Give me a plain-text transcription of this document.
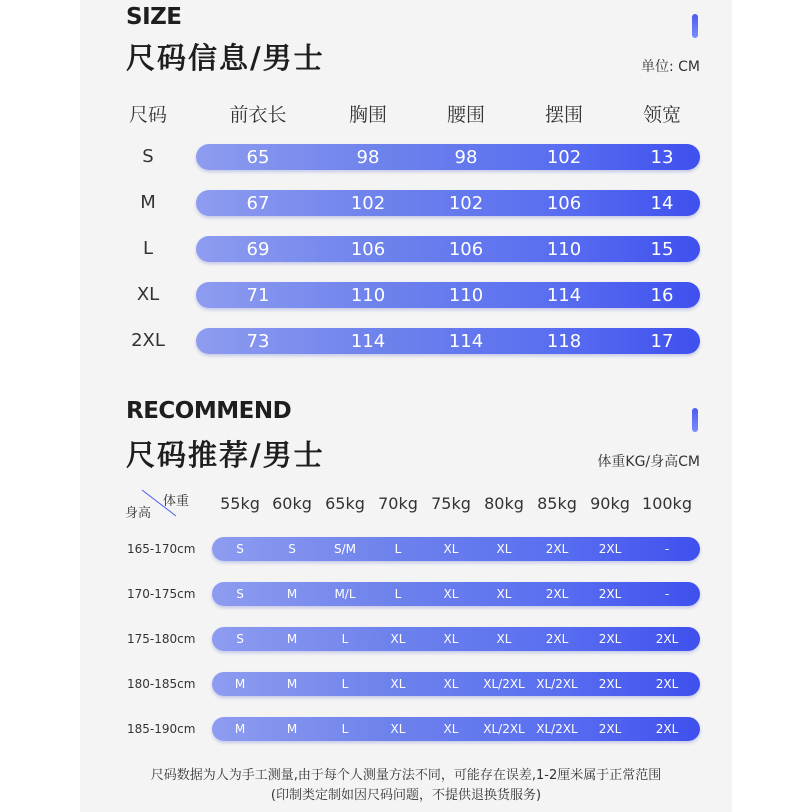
SIZE
尺码信息/男士	单位: CM
尺码	前衣长	胸围	腰围	摆围	领宽
S	65	98	98	102	13
M	67	102	102	106	14
L	69	106	106	110	15
XL	71	110	110	114	16
2XL	73	114	114	118	17
RECOMMEND
尺码推荐/男士	体重KG/身高CM
体重
身高
55kg 60kg 65kg 70kg 75kg 80kg 85kg 90kg 100kg
165-170cm	S	S	S/M	L	XL	XL	2XL	2XL	-
170-175cm	S	M	M/L	L	XL	XL	2XL	2XL	-
175-180cm	S	M	L	XL	XL	XL	2XL	2XL	2XL
180-185cm	M	M	L	XL	XL	XL/2XL XL/2XL	2XL	2XL
185-190cm	M	M	L	XL	XL	XL/2XL XL/2XL	2XL	2XL
尺码数据为人为手工测量,由于每个人测量方法不同，可能存在误差,1-2厘米属于正常范围
(印制类定制如因尺码问题，不提供退换货服务)
